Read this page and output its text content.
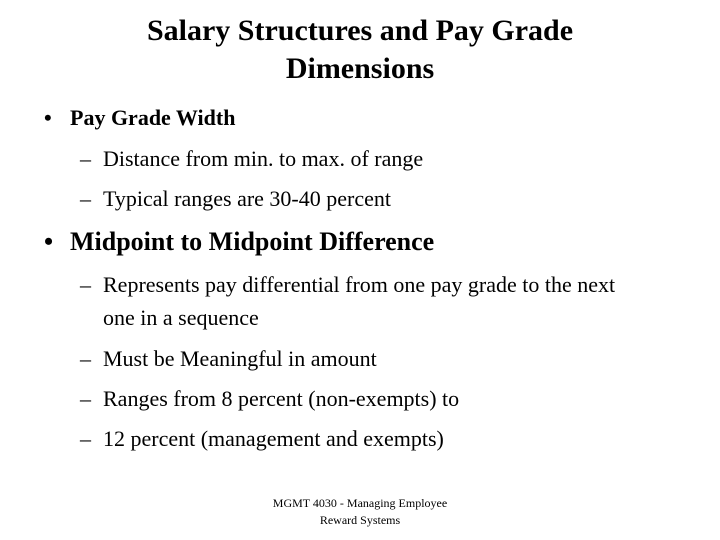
Salary Structures and Pay Grade
Dimensions
• Pay Grade Width
– Distance from min. to max. of range
– Typical ranges are 30-40 percent
• Midpoint to Midpoint Difference
– Represents pay differential from one pay grade to the next one in a sequence
– Must be Meaningful in amount
– Ranges from 8 percent (non-exempts) to
– 12 percent (management and exempts)
MGMT 4030 - Managing Employee
Reward Systems
